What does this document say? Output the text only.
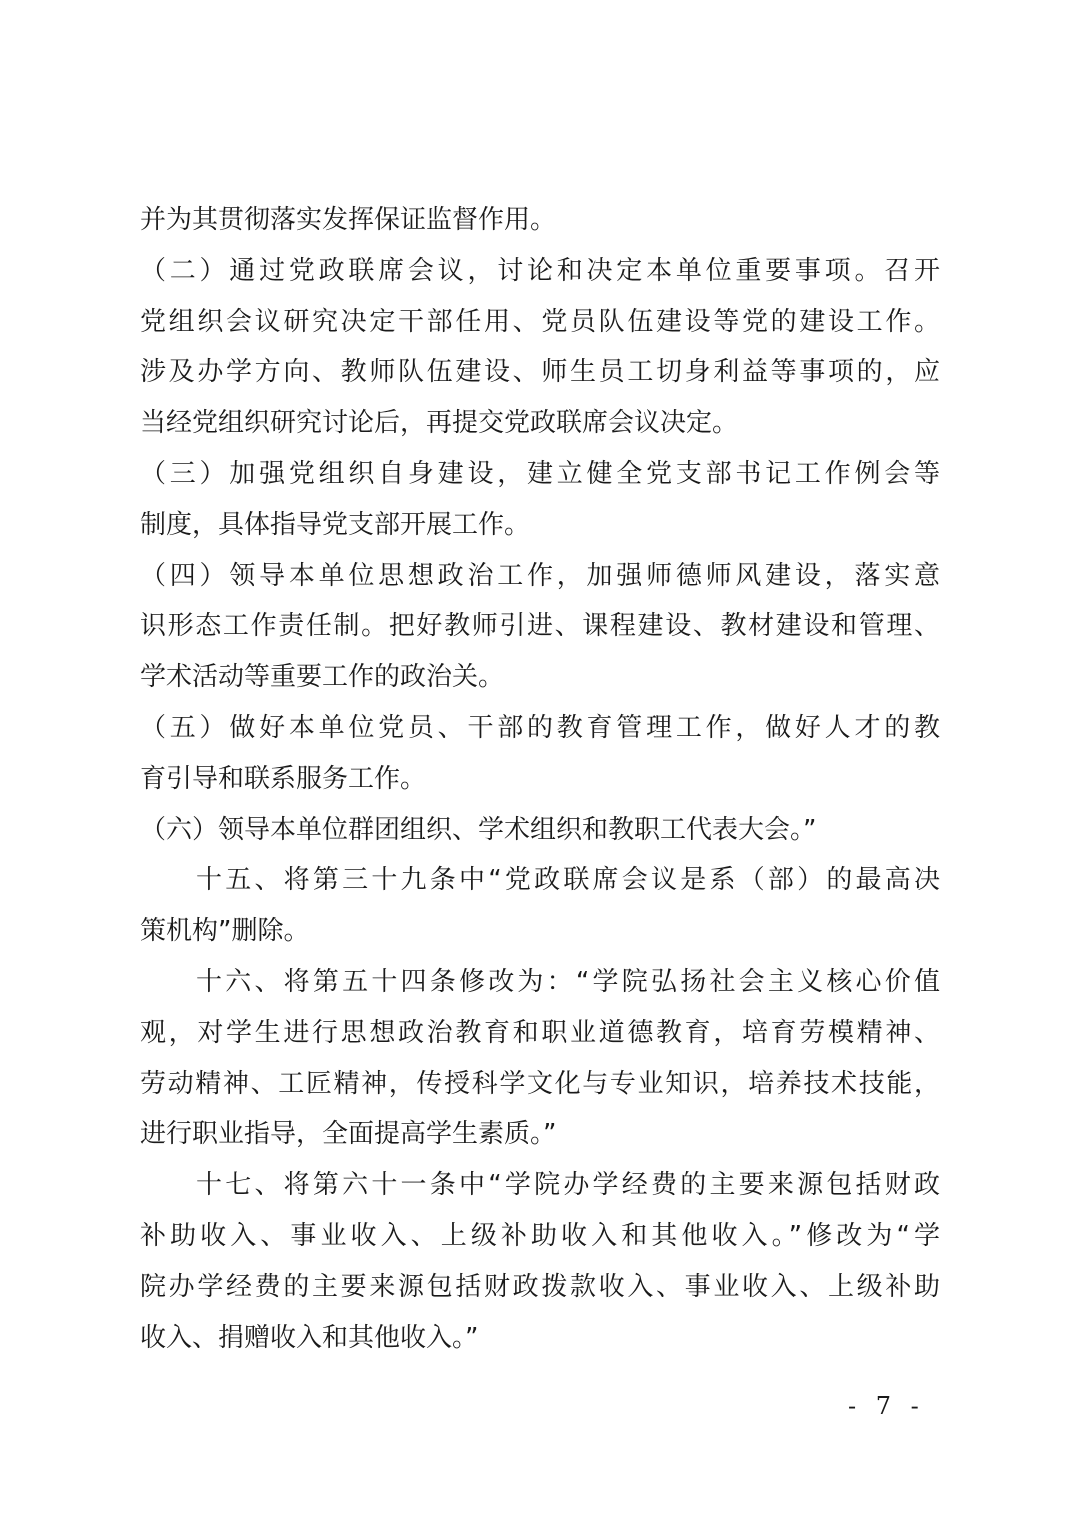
并为其贯彻落实发挥保证监督作用。
（二）通过党政联席会议，讨论和决定本单位重要事项。召开
党组织会议研究决定干部任用、党员队伍建设等党的建设工作。
涉及办学方向、教师队伍建设、师生员工切身利益等事项的，应
当经党组织研究讨论后，再提交党政联席会议决定。
（三）加强党组织自身建设，建立健全党支部书记工作例会等
制度，具体指导党支部开展工作。
（四）领导本单位思想政治工作，加强师德师风建设，落实意
识形态工作责任制。把好教师引进、课程建设、教材建设和管理、
学术活动等重要工作的政治关。
（五）做好本单位党员、干部的教育管理工作，做好人才的教
育引导和联系服务工作。
（六）领导本单位群团组织、学术组织和教职工代表大会。”
十五、将第三十九条中“党政联席会议是系（部）的最高决
策机构”删除。
十六、将第五十四条修改为：“学院弘扬社会主义核心价值
观，对学生进行思想政治教育和职业道德教育，培育劳模精神、
劳动精神、工匠精神，传授科学文化与专业知识，培养技术技能，
进行职业指导，全面提高学生素质。”
十七、将第六十一条中“学院办学经费的主要来源包括财政
补助收入、事业收入、上级补助收入和其他收入。”修改为“学
院办学经费的主要来源包括财政拨款收入、事业收入、上级补助
收入、捐赠收入和其他收入。”
- 7 -
